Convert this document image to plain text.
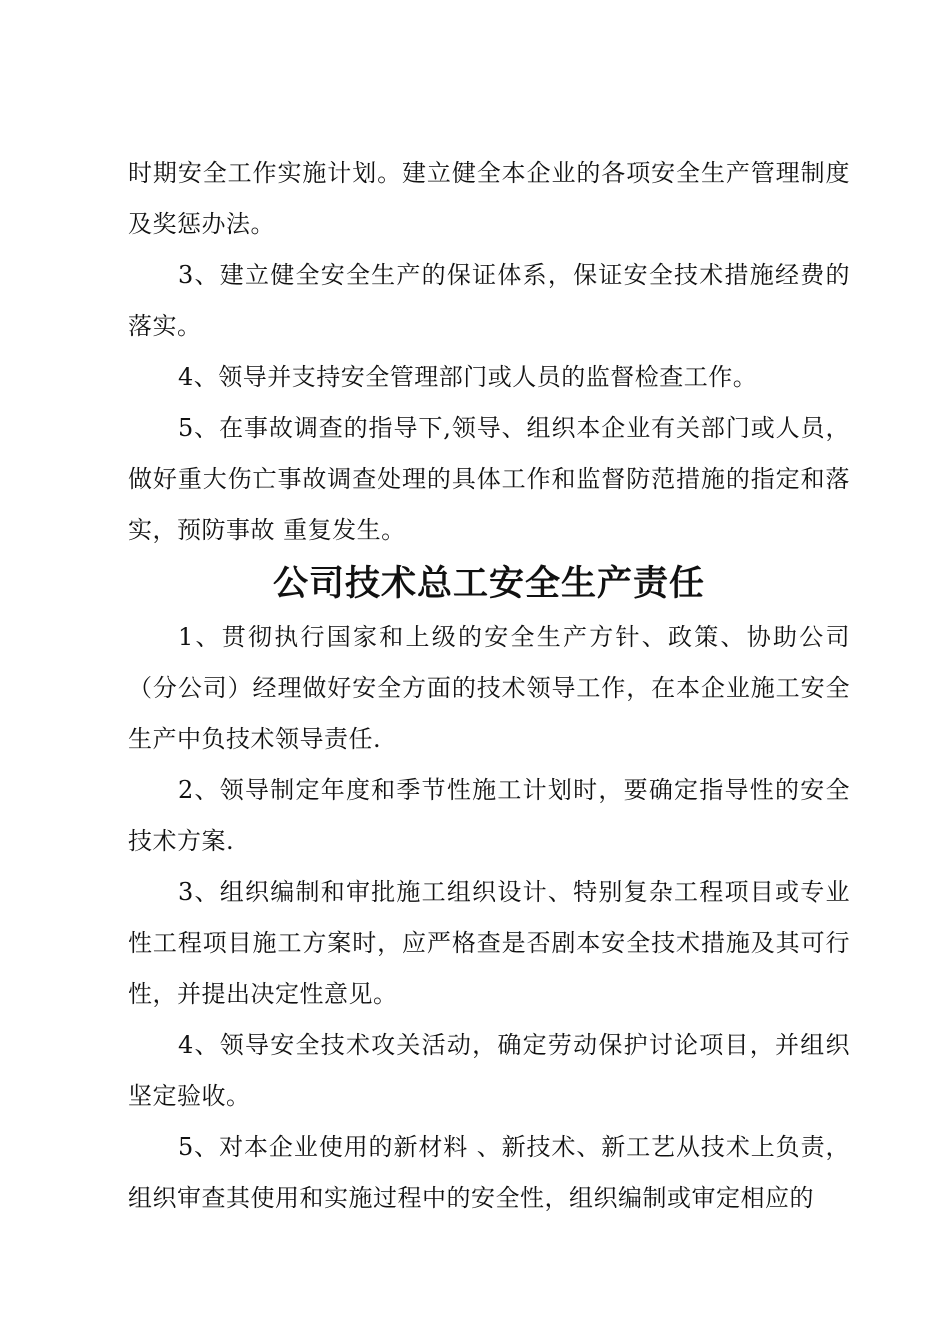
时期安全工作实施计划。建立健全本企业的各项安全生产管理制度及奖惩办法。

3、建立健全安全生产的保证体系，保证安全技术措施经费的落实。

4、领导并支持安全管理部门或人员的监督检查工作。

5、在事故调查的指导下,领导、组织本企业有关部门或人员，做好重大伤亡事故调查处理的具体工作和监督防范措施的指定和落实，预防事故 重复发生。

公司技术总工安全生产责任

1、贯彻执行国家和上级的安全生产方针、政策、协助公司（分公司）经理做好安全方面的技术领导工作，在本企业施工安全生产中负技术领导责任.

2、领导制定年度和季节性施工计划时，要确定指导性的安全技术方案.

3、组织编制和审批施工组织设计、特别复杂工程项目或专业性工程项目施工方案时，应严格查是否剧本安全技术措施及其可行性，并提出决定性意见。

4、领导安全技术攻关活动，确定劳动保护讨论项目，并组织坚定验收。

5、对本企业使用的新材料 、新技术、新工艺从技术上负责，组织审查其使用和实施过程中的安全性，组织编制或审定相应的
